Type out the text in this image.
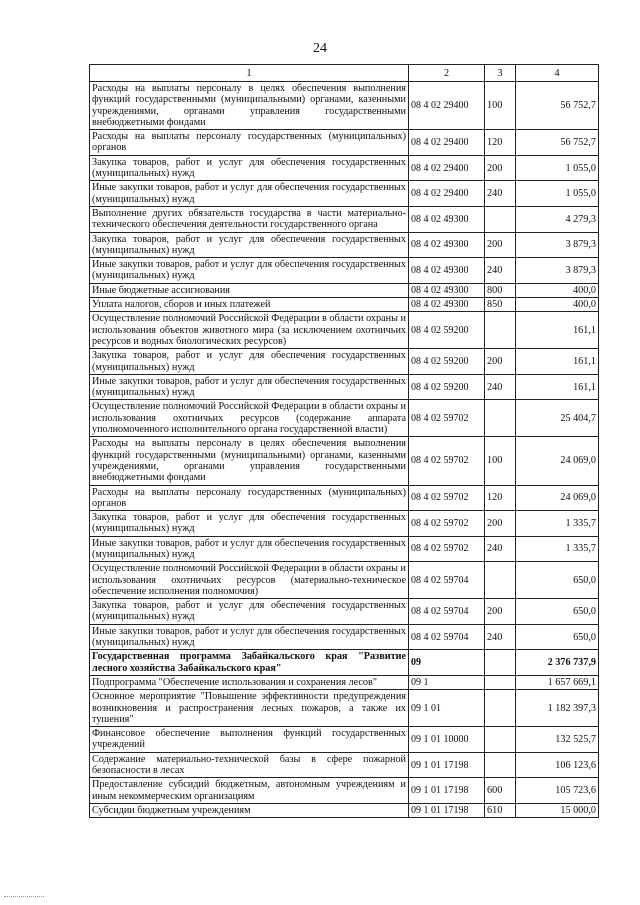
24
1	2	3	4
Расходы на выплаты персоналу в целях обеспечения выполнения функций государственными (муниципальными) органами, казенными учреждениями, органами управления государственными внебюджетными фондами	08 4 02 29400	100	56 752,7
Расходы на выплаты персоналу государственных (муниципальных) органов	08 4 02 29400	120	56 752,7
Закупка товаров, работ и услуг для обеспечения государственных (муниципальных) нужд	08 4 02 29400	200	1 055,0
Иные закупки товаров, работ и услуг для обеспечения государственных (муниципальных) нужд	08 4 02 29400	240	1 055,0
Выполнение других обязательств государства в части материально-технического обеспечения деятельности государственного органа	08 4 02 49300		4 279,3
Закупка товаров, работ и услуг для обеспечения государственных (муниципальных) нужд	08 4 02 49300	200	3 879,3
Иные закупки товаров, работ и услуг для обеспечения государственных (муниципальных) нужд	08 4 02 49300	240	3 879,3
Иные бюджетные ассигнования	08 4 02 49300	800	400,0
Уплата налогов, сборов и иных платежей	08 4 02 49300	850	400,0
Осуществление полномочий Российской Федерации в области охраны и использования объектов животного мира (за исключением охотничьих ресурсов и водных биологических ресурсов)	08 4 02 59200		161,1
Закупка товаров, работ и услуг для обеспечения государственных (муниципальных) нужд	08 4 02 59200	200	161,1
Иные закупки товаров, работ и услуг для обеспечения государственных (муниципальных) нужд	08 4 02 59200	240	161,1
Осуществление полномочий Российской Федерации в области охраны и использования охотничьих ресурсов (содержание аппарата уполномоченного исполнительного органа государственной власти)	08 4 02 59702		25 404,7
Расходы на выплаты персоналу в целях обеспечения выполнения функций государственными (муниципальными) органами, казенными учреждениями, органами управления государственными внебюджетными фондами	08 4 02 59702	100	24 069,0
Расходы на выплаты персоналу государственных (муниципальных) органов	08 4 02 59702	120	24 069,0
Закупка товаров, работ и услуг для обеспечения государственных (муниципальных) нужд	08 4 02 59702	200	1 335,7
Иные закупки товаров, работ и услуг для обеспечения государственных (муниципальных) нужд	08 4 02 59702	240	1 335,7
Осуществление полномочий Российской Федерации в области охраны и использования охотничьих ресурсов (материально-техническое обеспечение исполнения полномочия)	08 4 02 59704		650,0
Закупка товаров, работ и услуг для обеспечения государственных (муниципальных) нужд	08 4 02 59704	200	650,0
Иные закупки товаров, работ и услуг для обеспечения государственных (муниципальных) нужд	08 4 02 59704	240	650,0
Государственная программа Забайкальского края "Развитие лесного хозяйства Забайкальского края"	09		2 376 737,9
Подпрограмма "Обеспечение использования и сохранения лесов"	09 1		1 657 669,1
Основное мероприятие "Повышение эффективности предупреждения возникновения и распространения лесных пожаров, а также их тушения"	09 1 01		1 182 397,3
Финансовое обеспечение выполнения функций государственных учреждений	09 1 01 10000		132 525,7
Содержание материально-технической базы в сфере пожарной безопасности в лесах	09 1 01 17198		106 123,6
Предоставление субсидий бюджетным, автономным учреждениям и иным некоммерческим организациям	09 1 01 17198	600	105 723,6
Субсидии бюджетным учреждениям	09 1 01 17198	610	15 000,0
